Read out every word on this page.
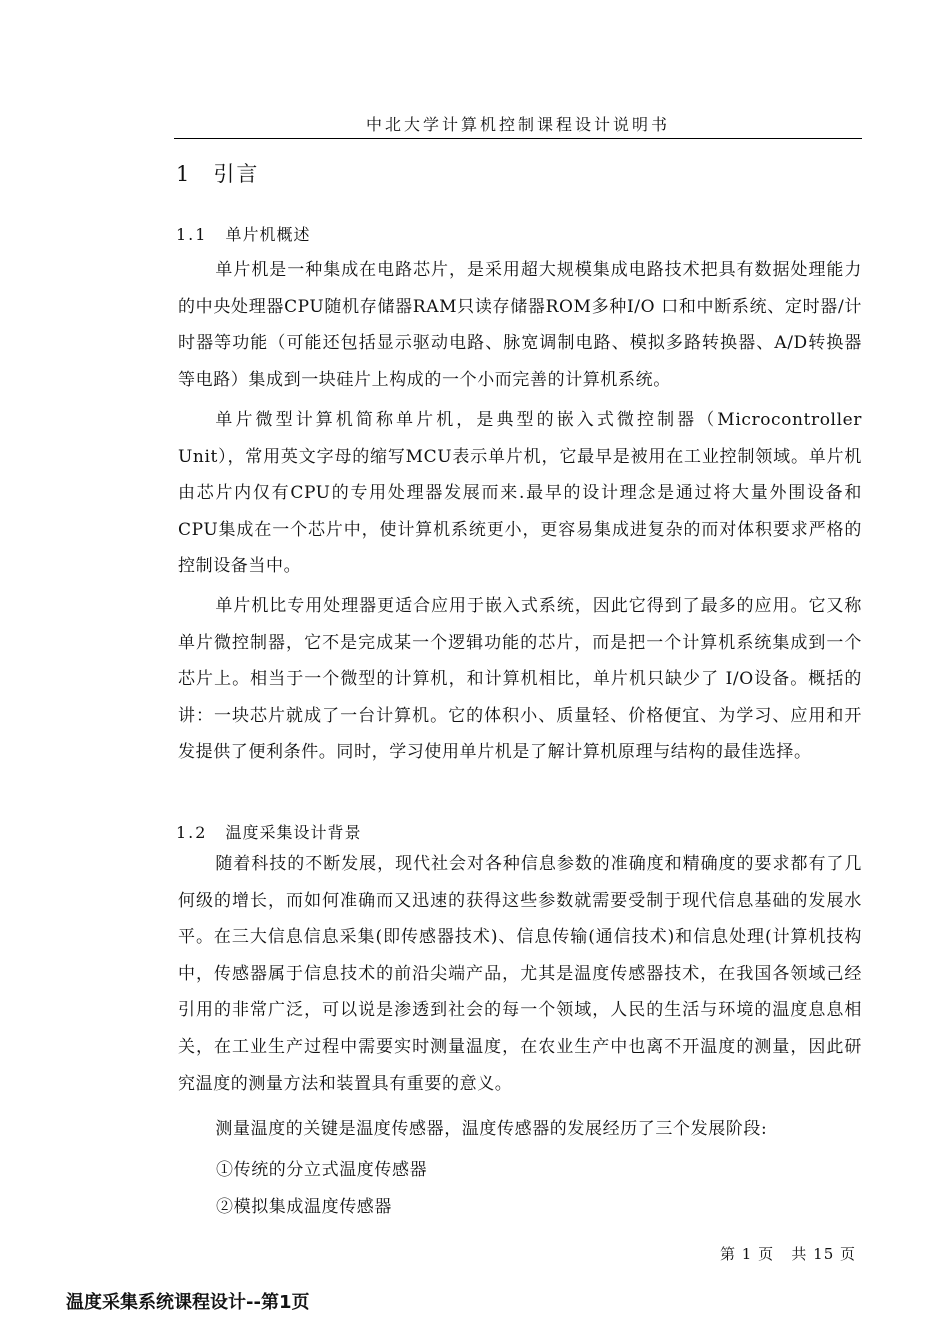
中北大学计算机控制课程设计说明书
1 引言
1.1 单片机概述

单片机是一种集成在电路芯片，是采用超大规模集成电路技术把具有数据处理能力的中央处理器CPU随机存储器RAM只读存储器ROM多种I/O 口和中断系统、定时器/计时器等功能（可能还包括显示驱动电路、脉宽调制电路、模拟多路转换器、A/D转换器等电路）集成到一块硅片上构成的一个小而完善的计算机系统。

单片微型计算机简称单片机，是典型的嵌入式微控制器（Microcontroller Unit），常用英文字母的缩写MCU表示单片机，它最早是被用在工业控制领域。单片机由芯片内仅有CPU的专用处理器发展而来.最早的设计理念是通过将大量外围设备和 CPU集成在一个芯片中，使计算机系统更小，更容易集成进复杂的而对体积要求严格的控制设备当中。

单片机比专用处理器更适合应用于嵌入式系统，因此它得到了最多的应用。它又称单片微控制器，它不是完成某一个逻辑功能的芯片，而是把一个计算机系统集成到一个芯片上。相当于一个微型的计算机，和计算机相比，单片机只缺少了 I/O设备。概括的讲：一块芯片就成了一台计算机。它的体积小、质量轻、价格便宜、为学习、应用和开发提供了便利条件。同时，学习使用单片机是了解计算机原理与结构的最佳选择。

1.2 温度采集设计背景

随着科技的不断发展，现代社会对各种信息参数的准确度和精确度的要求都有了几何级的增长，而如何准确而又迅速的获得这些参数就需要受制于现代信息基础的发展水平。在三大信息信息采集(即传感器技术)、信息传输(通信技术)和信息处理(计算机技构中，传感器属于信息技术的前沿尖端产品，尤其是温度传感器技术，在我国各领域己经引用的非常广泛，可以说是渗透到社会的每一个领域，人民的生活与环境的温度息息相关，在工业生产过程中需要实时测量温度，在农业生产中也离不开温度的测量，因此研究温度的测量方法和装置具有重要的意义。

测量温度的关键是温度传感器，温度传感器的发展经历了三个发展阶段:

①传统的分立式温度传感器
②模拟集成温度传感器
第 1 页   共 15 页
温度采集系统课程设计--第1页
